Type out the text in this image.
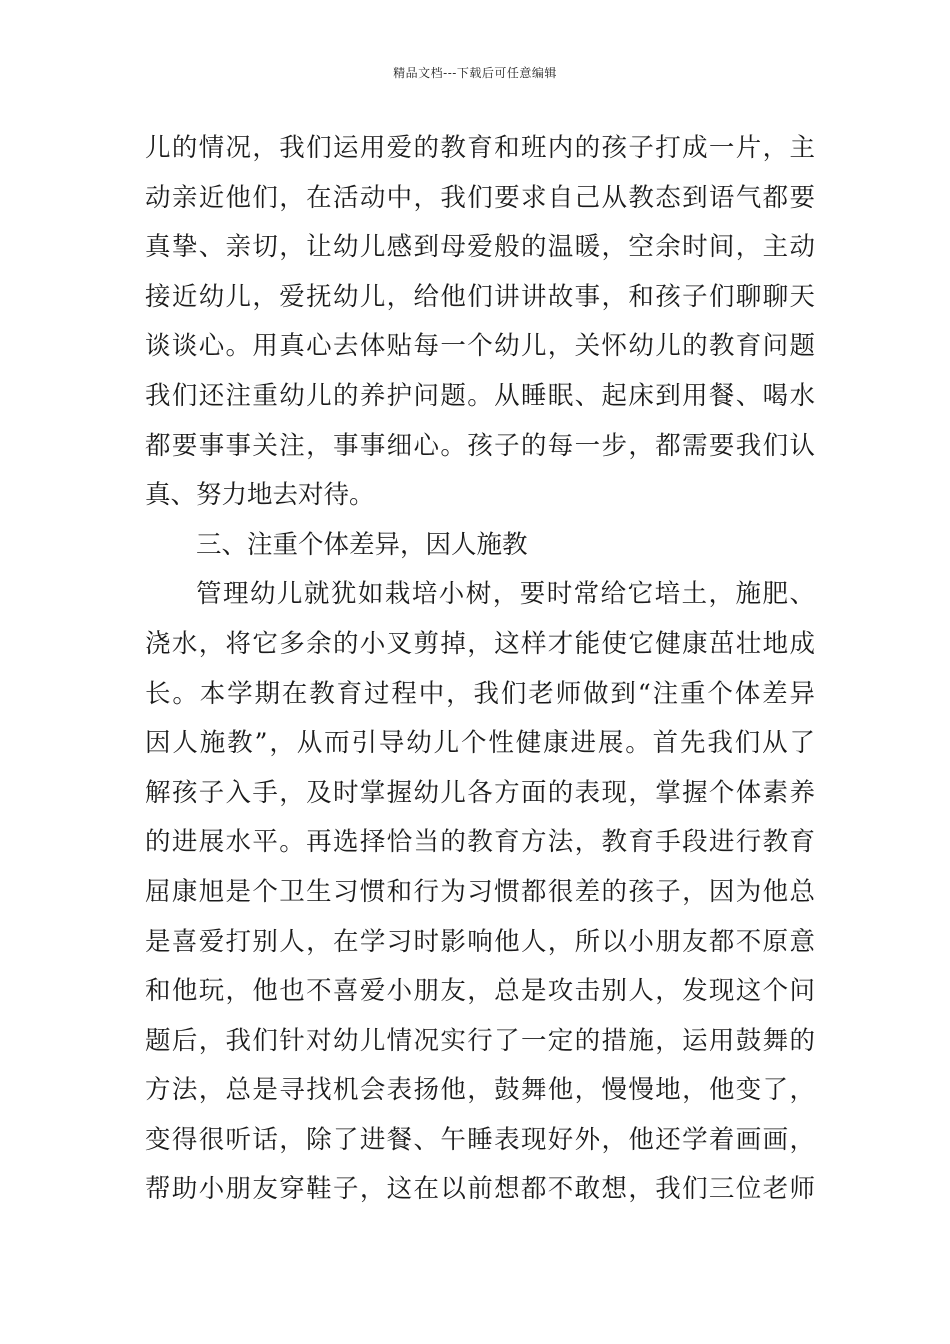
精品文档---下载后可任意编辑
儿的情况，我们运用爱的教育和班内的孩子打成一片，主
动亲近他们，在活动中，我们要求自己从教态到语气都要
真挚、亲切，让幼儿感到母爱般的温暖，空余时间，主动
接近幼儿，爱抚幼儿，给他们讲讲故事，和孩子们聊聊天
谈谈心。用真心去体贴每一个幼儿，关怀幼儿的教育问题
我们还注重幼儿的养护问题。从睡眠、起床到用餐、喝水
都要事事关注，事事细心。孩子的每一步，都需要我们认
真、努力地去对待。
三、注重个体差异，因人施教
管理幼儿就犹如栽培小树，要时常给它培土，施肥、
浇水，将它多余的小叉剪掉，这样才能使它健康茁壮地成
长。本学期在教育过程中，我们老师做到“注重个体差异
因人施教”，从而引导幼儿个性健康进展。首先我们从了
解孩子入手，及时掌握幼儿各方面的表现，掌握个体素养
的进展水平。再选择恰当的教育方法，教育手段进行教育
屈康旭是个卫生习惯和行为习惯都很差的孩子，因为他总
是喜爱打别人，在学习时影响他人，所以小朋友都不原意
和他玩，他也不喜爱小朋友，总是攻击别人，发现这个问
题后，我们针对幼儿情况实行了一定的措施，运用鼓舞的
方法，总是寻找机会表扬他，鼓舞他，慢慢地，他变了，
变得很听话，除了进餐、午睡表现好外，他还学着画画，
帮助小朋友穿鞋子，这在以前想都不敢想，我们三位老师
